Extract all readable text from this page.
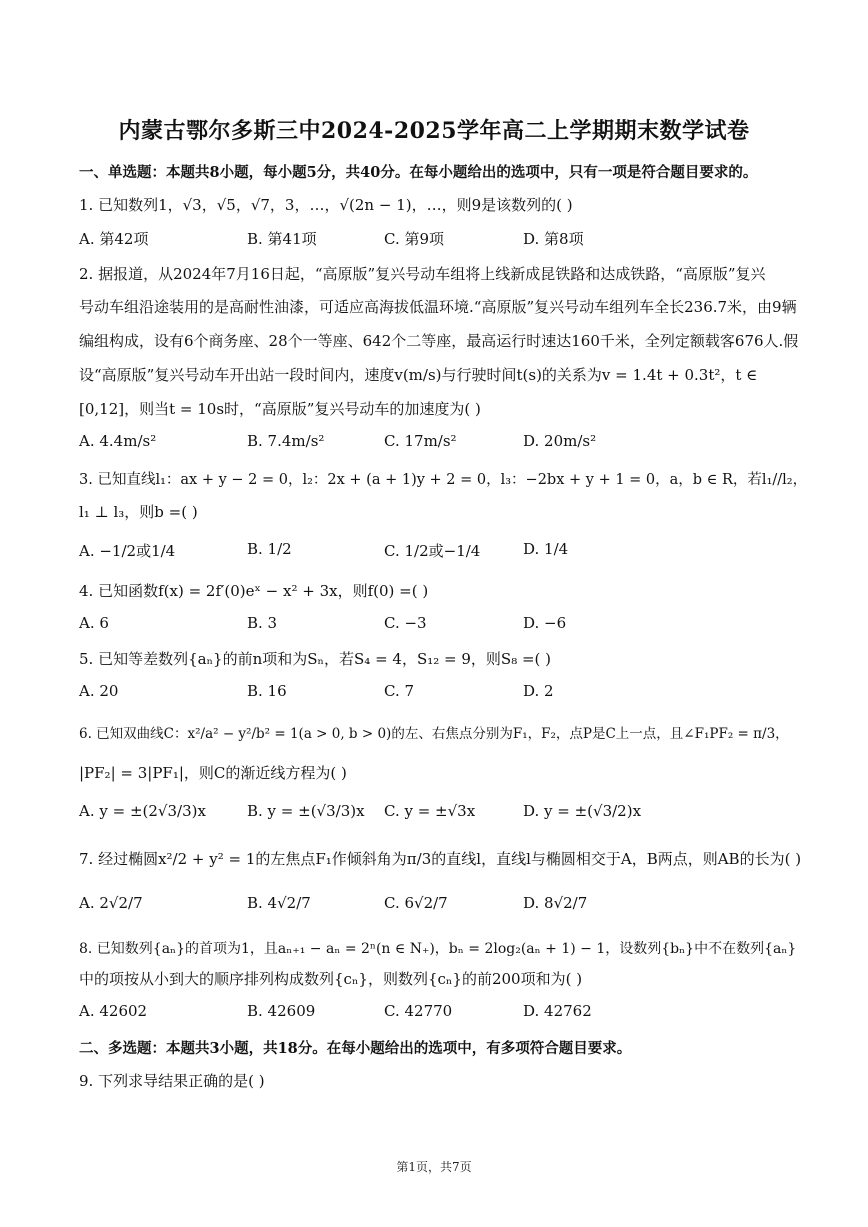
内蒙古鄂尔多斯三中2024-2025学年高二上学期期末数学试卷
一、单选题：本题共8小题，每小题5分，共40分。在每小题给出的选项中，只有一项是符合题目要求的。
1. 已知数列1，√3，√5，√7，3，…，√(2n − 1)，…，则9是该数列的( )
A. 第42项	B. 第41项	C. 第9项	D. 第8项
2. 据报道，从2024年7月16日起，“高原版”复兴号动车组将上线新成昆铁路和达成铁路，“高原版”复兴
号动车组沿途装用的是高耐性油漆，可适应高海拔低温环境.“高原版”复兴号动车组列车全长236.7米，由9辆
编组构成，设有6个商务座、28个一等座、642个二等座，最高运行时速达160千米，全列定额载客676人.假
设“高原版”复兴号动车开出站一段时间内，速度v(m/s)与行驶时间t(s)的关系为v = 1.4t + 0.3t²，t ∈
[0,12]，则当t = 10s时，“高原版”复兴号动车的加速度为( )
A. 4.4m/s²	B. 7.4m/s²	C. 17m/s²	D. 20m/s²
3. 已知直线l₁：ax + y − 2 = 0，l₂：2x + (a + 1)y + 2 = 0，l₃：−2bx + y + 1 = 0，a，b ∈ R，若l₁//l₂，
l₁ ⊥ l₃，则b =( )
A. −1/2或1/4	B. 1/2	C. 1/2或−1/4	D. 1/4
4. 已知函数f(x) = 2f′(0)eˣ − x² + 3x，则f(0) =( )
A. 6	B. 3	C. −3	D. −6
5. 已知等差数列{aₙ}的前n项和为Sₙ，若S₄ = 4，S₁₂ = 9，则S₈ =( )
A. 20	B. 16	C. 7	D. 2
6. 已知双曲线C：x²/a² − y²/b² = 1(a > 0, b > 0)的左、右焦点分别为F₁，F₂，点P是C上一点，且∠F₁PF₂ = π/3，
|PF₂| = 3|PF₁|，则C的渐近线方程为( )
A. y = ±(2√3/3)x	B. y = ±(√3/3)x C. y = ±√3x	D. y = ±(√3/2)x
7. 经过椭圆x²/2 + y² = 1的左焦点F₁作倾斜角为π/3的直线l，直线l与椭圆相交于A，B两点，则AB的长为( )
A. 2√2/7	B. 4√2/7	C. 6√2/7	D. 8√2/7
8. 已知数列{aₙ}的首项为1，且aₙ₊₁ − aₙ = 2ⁿ(n ∈ N₊)，bₙ = 2log₂(aₙ + 1) − 1，设数列{bₙ}中不在数列{aₙ}
中的项按从小到大的顺序排列构成数列{cₙ}，则数列{cₙ}的前200项和为( )
A. 42602	B. 42609	C. 42770	D. 42762
二、多选题：本题共3小题，共18分。在每小题给出的选项中，有多项符合题目要求。
9. 下列求导结果正确的是( )
第1页，共7页
